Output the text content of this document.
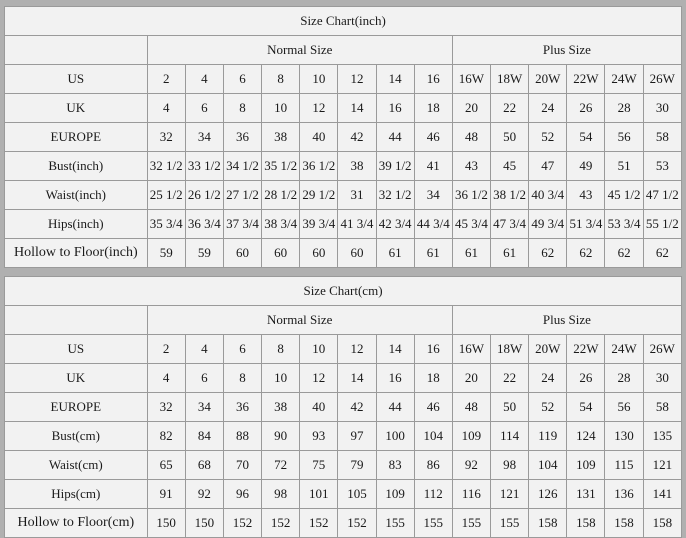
Size Chart(inch)														
	Normal Size								Plus Size					
US	2	4	6	8	10	12	14	16	16W	18W	20W	22W	24W	26W
UK	4	6	8	10	12	14	16	18	20	22	24	26	28	30
EUROPE	32	34	36	38	40	42	44	46	48	50	52	54	56	58
Bust(inch)	32 1/2	33 1/2	34 1/2	35 1/2	36 1/2	38	39 1/2	41	43	45	47	49	51	53
Waist(inch)	25 1/2	26 1/2	27 1/2	28 1/2	29 1/2	31	32 1/2	34	36 1/2	38 1/2	40 3/4	43	45 1/2	47 1/2
Hips(inch)	35 3/4	36 3/4	37 3/4	38 3/4	39 3/4	41 3/4	42 3/4	44 3/4	45 3/4	47 3/4	49 3/4	51 3/4	53 3/4	55 1/2
Hollow to Floor(inch)	59	59	60	60	60	60	61	61	61	61	62	62	62	62
Size Chart(cm)														
	Normal Size								Plus Size					
US	2	4	6	8	10	12	14	16	16W	18W	20W	22W	24W	26W
UK	4	6	8	10	12	14	16	18	20	22	24	26	28	30
EUROPE	32	34	36	38	40	42	44	46	48	50	52	54	56	58
Bust(cm)	82	84	88	90	93	97	100	104	109	114	119	124	130	135
Waist(cm)	65	68	70	72	75	79	83	86	92	98	104	109	115	121
Hips(cm)	91	92	96	98	101	105	109	112	116	121	126	131	136	141
Hollow to Floor(cm)	150	150	152	152	152	152	155	155	155	155	158	158	158	158
